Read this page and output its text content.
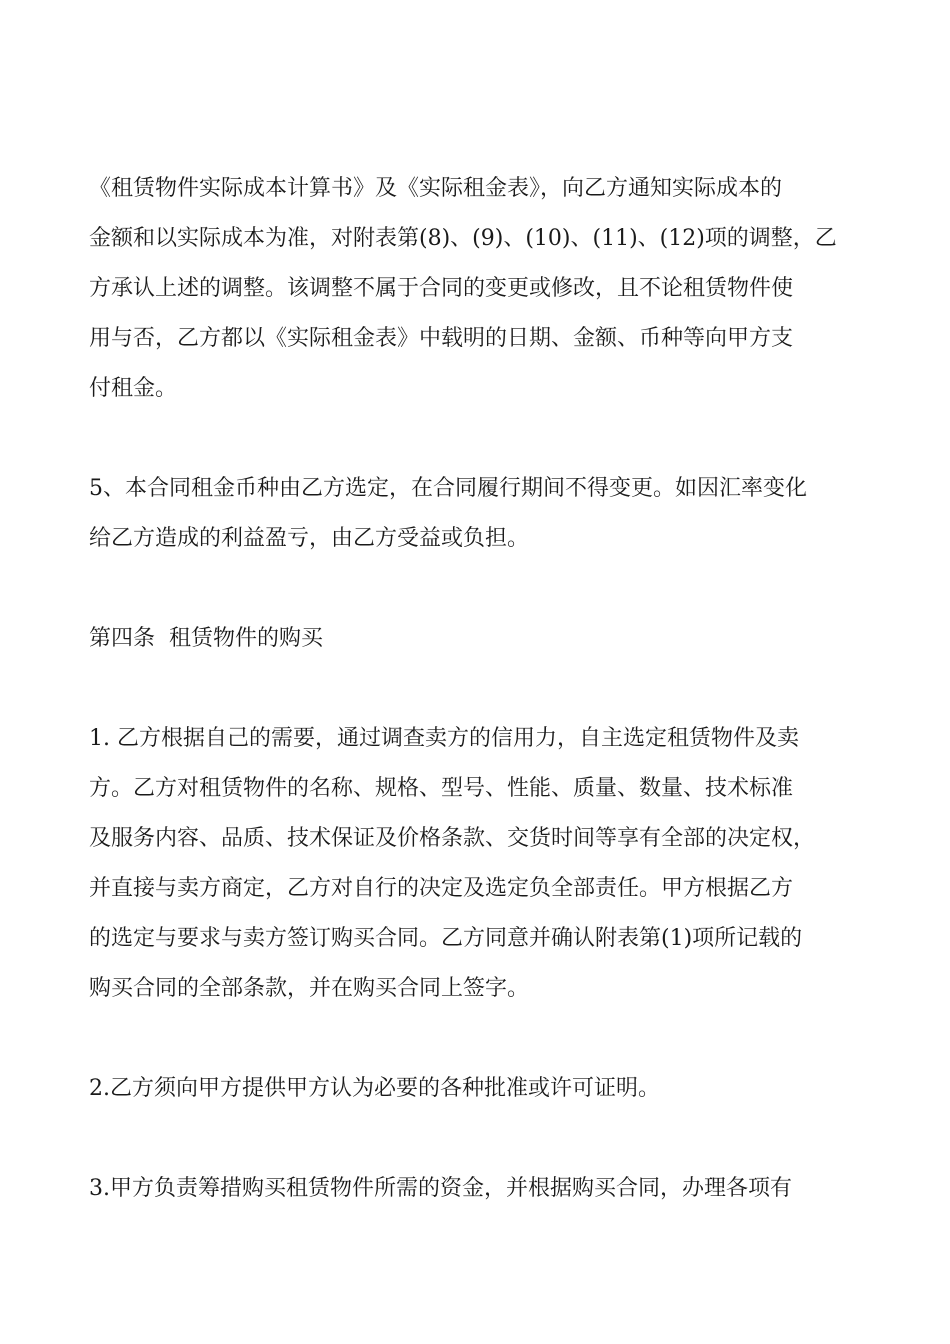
《租赁物件实际成本计算书》及《实际租金表》，向乙方通知实际成本的
金额和以实际成本为准，对附表第(8)、(9)、(10)、(11)、(12)项的调整，乙
方承认上述的调整。该调整不属于合同的变更或修改，且不论租赁物件使
用与否，乙方都以《实际租金表》中载明的日期、金额、币种等向甲方支
付租金。

5、本合同租金币种由乙方选定，在合同履行期间不得变更。如因汇率变化
给乙方造成的利益盈亏，由乙方受益或负担。

第四条  租赁物件的购买

1. 乙方根据自己的需要，通过调查卖方的信用力，自主选定租赁物件及卖
方。乙方对租赁物件的名称、规格、型号、性能、质量、数量、技术标准
及服务内容、品质、技术保证及价格条款、交货时间等享有全部的决定权，
并直接与卖方商定，乙方对自行的决定及选定负全部责任。甲方根据乙方
的选定与要求与卖方签订购买合同。乙方同意并确认附表第(1)项所记载的
购买合同的全部条款，并在购买合同上签字。

2.乙方须向甲方提供甲方认为必要的各种批准或许可证明。

3.甲方负责筹措购买租赁物件所需的资金，并根据购买合同，办理各项有
